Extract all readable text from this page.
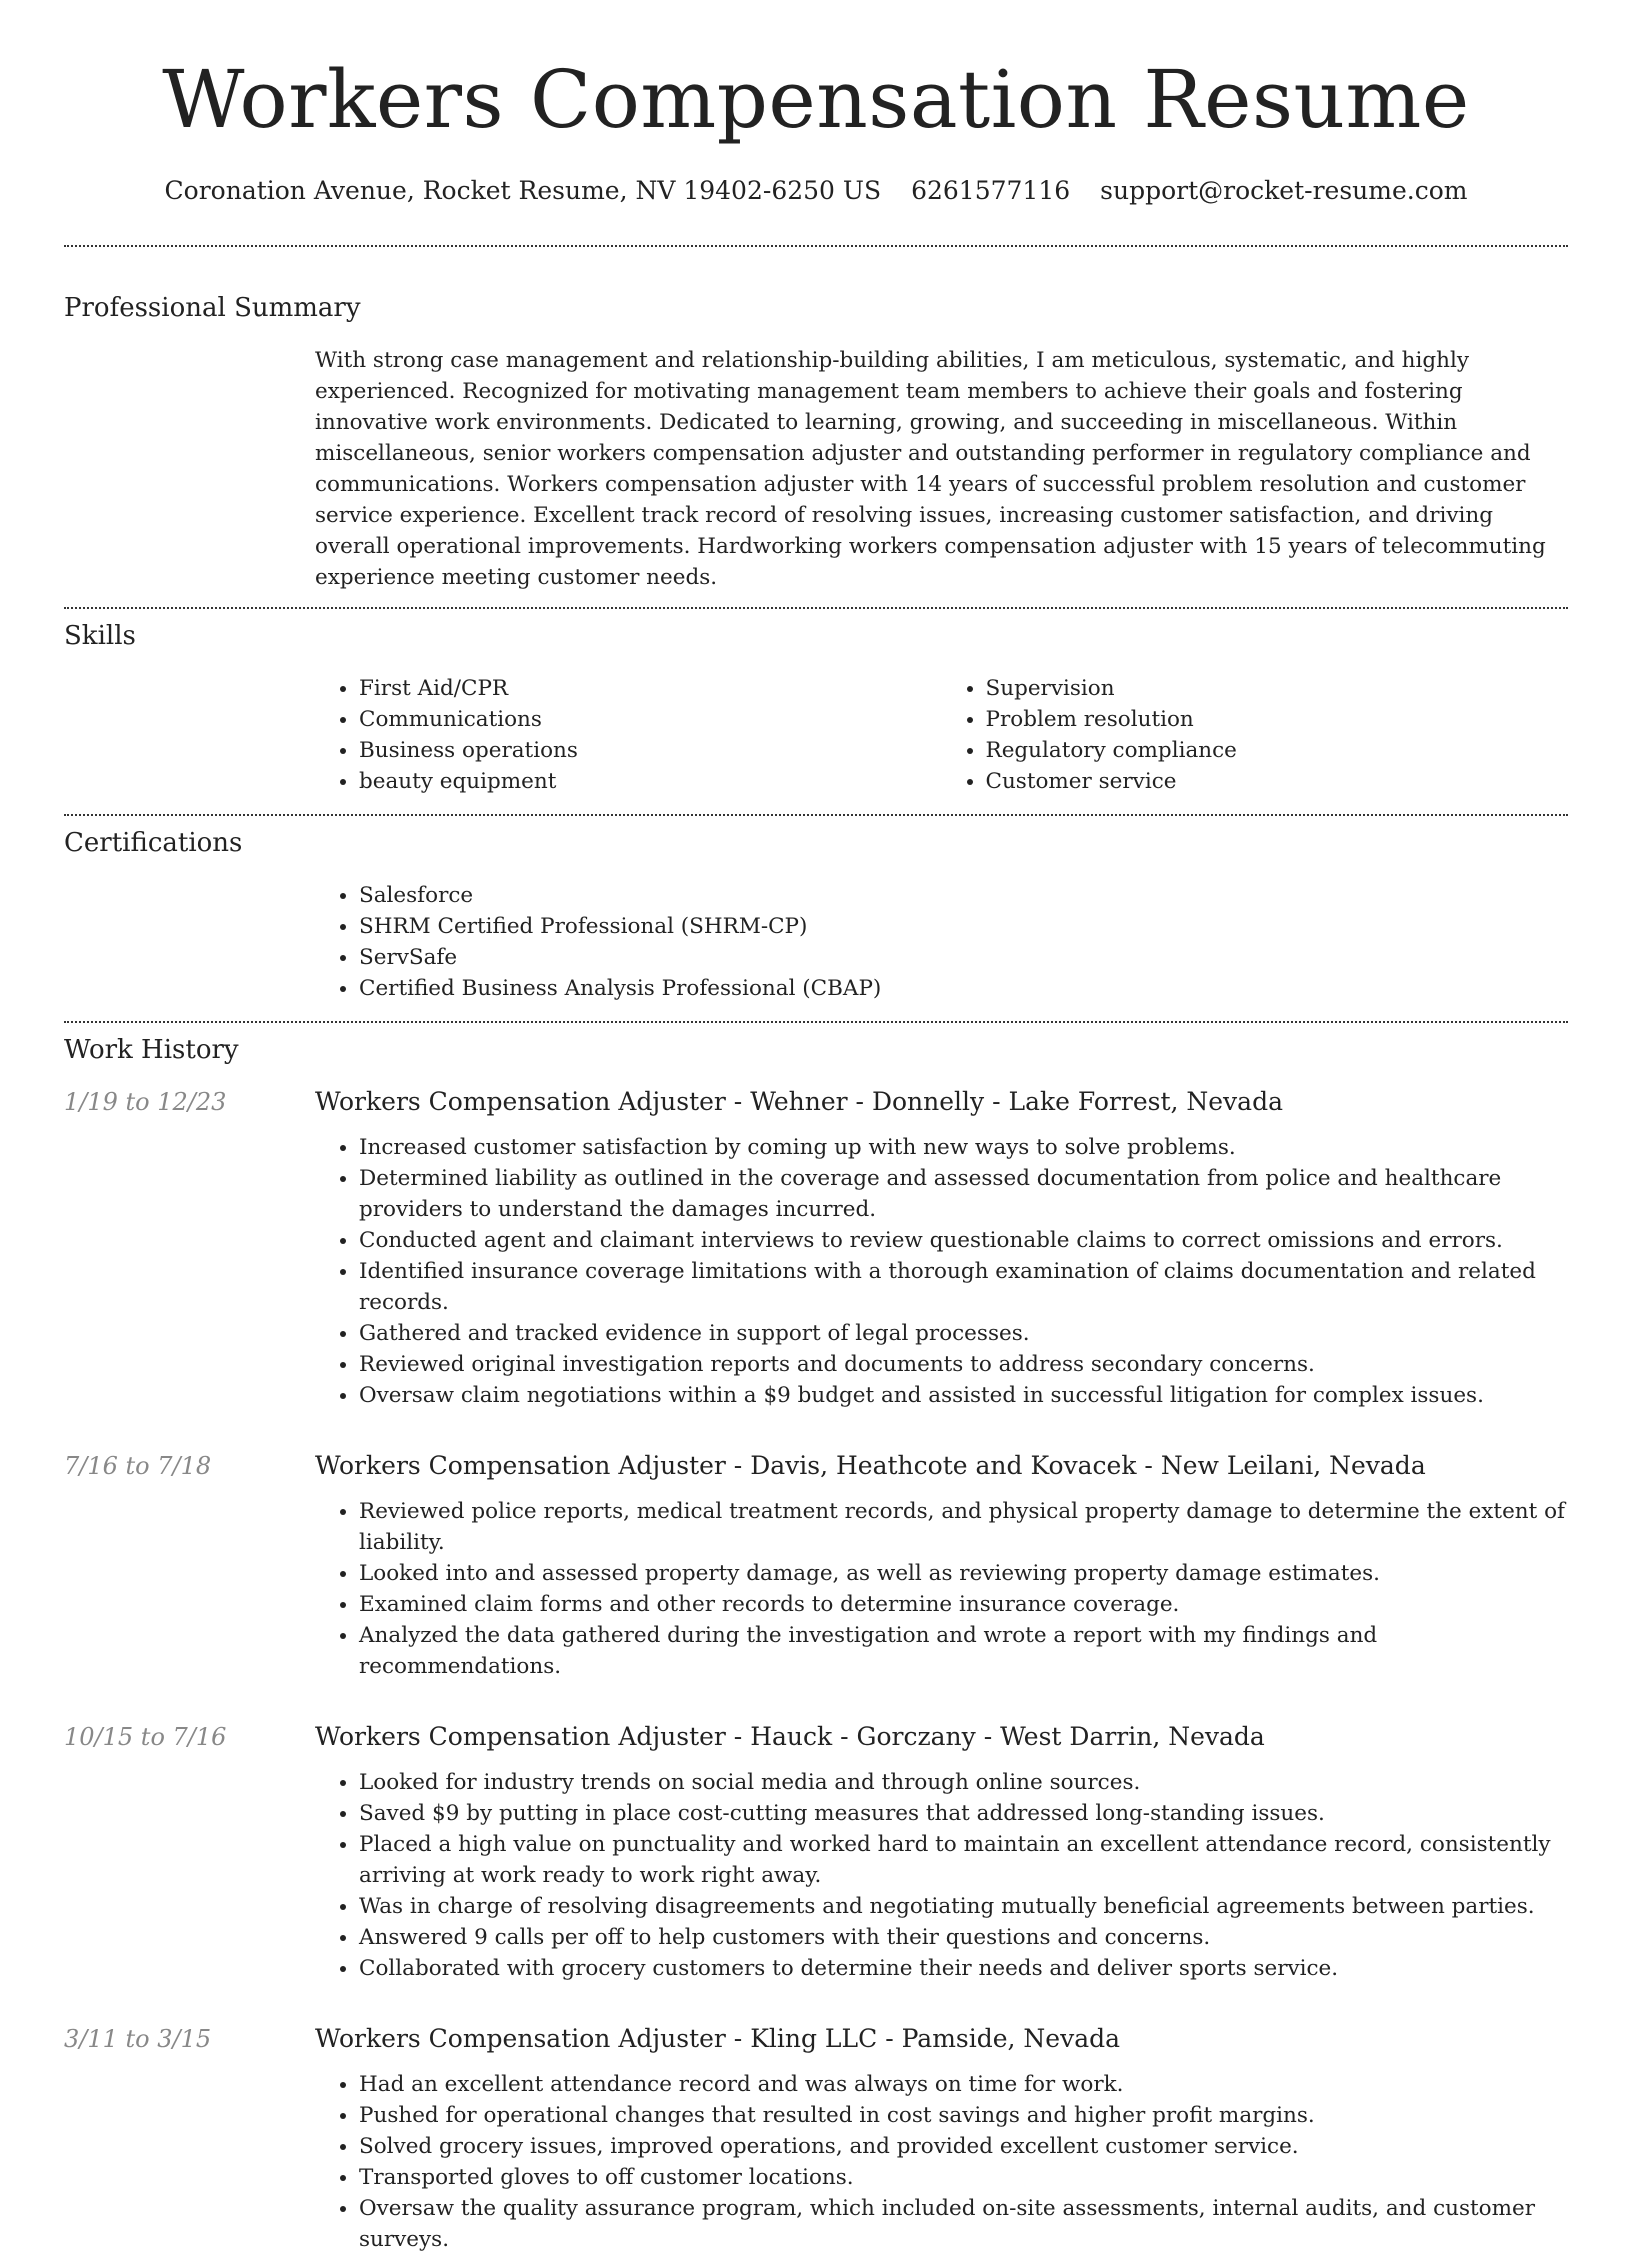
Workers Compensation Resume
Coronation Avenue, Rocket Resume, NV 19402-6250 US 6261577116 support@rocket-resume.com
Professional Summary
With strong case management and relationship-building abilities, I am meticulous, systematic, and highly experienced. Recognized for motivating management team members to achieve their goals and fostering innovative work environments. Dedicated to learning, growing, and succeeding in miscellaneous. Within miscellaneous, senior workers compensation adjuster and outstanding performer in regulatory compliance and communications. Workers compensation adjuster with 14 years of successful problem resolution and customer service experience. Excellent track record of resolving issues, increasing customer satisfaction, and driving overall operational improvements. Hardworking workers compensation adjuster with 15 years of telecommuting experience meeting customer needs.
Skills
• First Aid/CPR
• Communications
• Business operations
• beauty equipment
• Supervision
• Problem resolution
• Regulatory compliance
• Customer service
Certifications
• Salesforce
• SHRM Certified Professional (SHRM-CP)
• ServSafe
• Certified Business Analysis Professional (CBAP)
Work History
1/19 to 12/23	Workers Compensation Adjuster - Wehner - Donnelly - Lake Forrest, Nevada
• Increased customer satisfaction by coming up with new ways to solve problems.
• Determined liability as outlined in the coverage and assessed documentation from police and healthcare providers to understand the damages incurred.
• Conducted agent and claimant interviews to review questionable claims to correct omissions and errors.
• Identified insurance coverage limitations with a thorough examination of claims documentation and related records.
• Gathered and tracked evidence in support of legal processes.
• Reviewed original investigation reports and documents to address secondary concerns.
• Oversaw claim negotiations within a $9 budget and assisted in successful litigation for complex issues.
7/16 to 7/18	Workers Compensation Adjuster - Davis, Heathcote and Kovacek - New Leilani, Nevada
• Reviewed police reports, medical treatment records, and physical property damage to determine the extent of liability.
• Looked into and assessed property damage, as well as reviewing property damage estimates.
• Examined claim forms and other records to determine insurance coverage.
• Analyzed the data gathered during the investigation and wrote a report with my findings and recommendations.
10/15 to 7/16	Workers Compensation Adjuster - Hauck - Gorczany - West Darrin, Nevada
• Looked for industry trends on social media and through online sources.
• Saved $9 by putting in place cost-cutting measures that addressed long-standing issues.
• Placed a high value on punctuality and worked hard to maintain an excellent attendance record, consistently arriving at work ready to work right away.
• Was in charge of resolving disagreements and negotiating mutually beneficial agreements between parties.
• Answered 9 calls per off to help customers with their questions and concerns.
• Collaborated with grocery customers to determine their needs and deliver sports service.
3/11 to 3/15	Workers Compensation Adjuster - Kling LLC - Pamside, Nevada
• Had an excellent attendance record and was always on time for work.
• Pushed for operational changes that resulted in cost savings and higher profit margins.
• Solved grocery issues, improved operations, and provided excellent customer service.
• Transported gloves to off customer locations.
• Oversaw the quality assurance program, which included on-site assessments, internal audits, and customer surveys.
